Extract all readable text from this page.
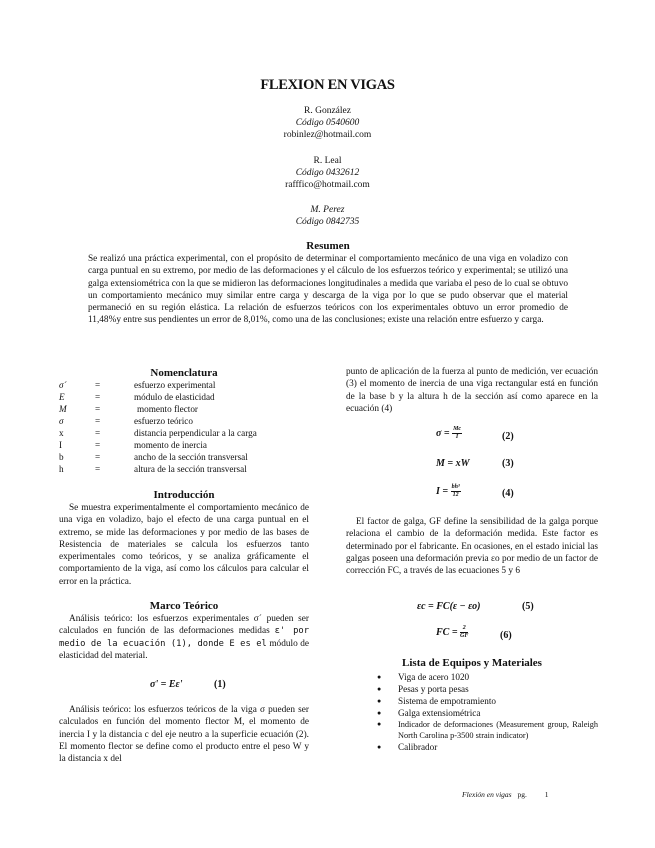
FLEXION EN VIGAS
R. González
Código 0540600
robinlez@hotmail.com
R. Leal
Código 0432612
rafffico@hotmail.com
M. Perez
Código 0842735
Resumen
Se realizó una práctica experimental, con el propósito de determinar el comportamiento mecánico de una viga en voladizo con carga puntual en su extremo, por medio de las deformaciones y el cálculo de los esfuerzos teórico y experimental; se utilizó una galga extensiométrica con la que se midieron las deformaciones longitudinales a medida que variaba el peso de lo cual se obtuvo un comportamiento mecánico muy similar entre carga y descarga de la viga por lo que se pudo observar que el material permaneció en su región elástica. La relación de esfuerzos teóricos con los experimentales obtuvo un error promedio de 11,48%y entre sus pendientes un error de 8,01%, como una de las conclusiones; existe una relación entre esfuerzo y carga.
Nomenclatura
σ´	=	esfuerzo experimental
E	=	módulo de elasticidad
M	=	momento flector
σ	=	esfuerzo teórico
x	=	distancia perpendicular a la carga
I	=	momento de inercia
b	=	ancho de la sección transversal
h	=	altura de la sección transversal
Introducción
Se muestra experimentalmente el comportamiento mecánico de una viga en voladizo, bajo el efecto de una carga puntual en el extremo, se mide las deformaciones y por medio de las bases de Resistencia de materiales se calcula los esfuerzos tanto experimentales como teóricos, y se analiza gráficamente el comportamiento de la viga, así como los cálculos para calcular el error en la práctica.
Marco Teórico
Análisis teórico: los esfuerzos experimentales σ´ pueden ser calculados en función de las deformaciones medidas ε' por medio de la ecuación (1), donde E es el módulo de elasticidad del material.
σ' = Eε'	(1)
Análisis teórico: los esfuerzos teóricos de la viga σ pueden ser calculados en función del momento flector M, el momento de inercia I y la distancia c del eje neutro a la superficie ecuación (2). El momento flector se define como el producto entre el peso W y la distancia x del
punto de aplicación de la fuerza al punto de medición, ver ecuación (3) el momento de inercia de una viga rectangular está en función de la base b y la altura h de la sección así como aparece en la ecuación (4)
$\sigma = \frac{Mc}{I}$	(2)
M = xW	(3)
$I = \frac{\text{bh³}}{12}$	(4)
El factor de galga, GF define la sensibilidad de la galga porque relaciona el cambio de la deformación medida. Este factor es determinado por el fabricante. En ocasiones, en el estado inicial las galgas poseen una deformación previa εo por medio de un factor de corrección FC, a través de las ecuaciones 5 y 6
εc = FC(ε − εo)	(5)
FC = $\frac{2}{GF}$	(6)
Lista de Equipos y Materiales
● Viga de acero 1020
● Pesas y porta pesas
● Sistema de empotramiento
● Galga extensiométrica
● Indicador de deformaciones (Measurement group, Raleigh North Carolina p-3500 strain indicator)
● Calibrador
Flexión en vigas pg. 1
